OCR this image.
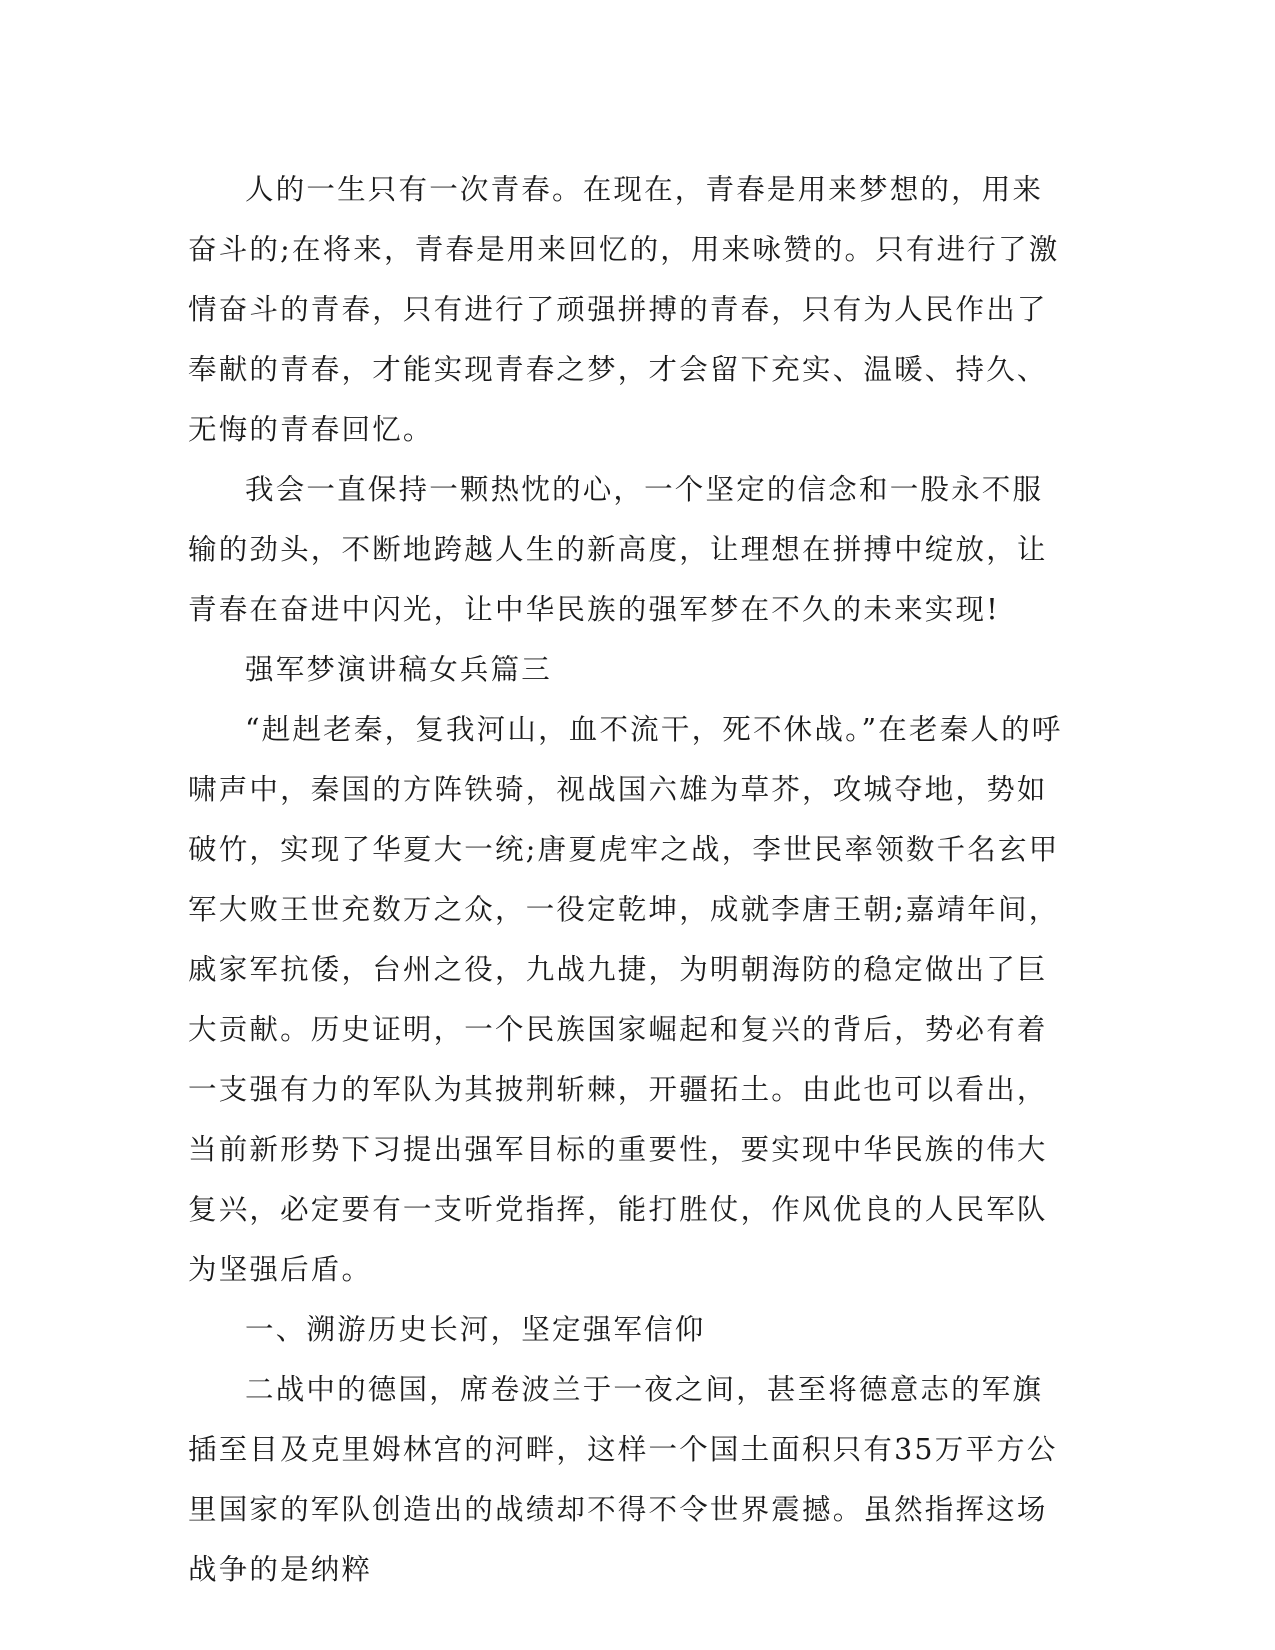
人的一生只有一次青春。在现在，青春是用来梦想的，用来奋斗的;在将来，青春是用来回忆的，用来咏赞的。只有进行了激情奋斗的青春，只有进行了顽强拼搏的青春，只有为人民作出了奉献的青春，才能实现青春之梦，才会留下充实、温暖、持久、无悔的青春回忆。

我会一直保持一颗热忱的心，一个坚定的信念和一股永不服输的劲头，不断地跨越人生的新高度，让理想在拼搏中绽放，让青春在奋进中闪光，让中华民族的强军梦在不久的未来实现!

强军梦演讲稿女兵篇三

“赳赳老秦，复我河山，血不流干，死不休战。”在老秦人的呼啸声中，秦国的方阵铁骑，视战国六雄为草芥，攻城夺地，势如破竹，实现了华夏大一统;唐夏虎牢之战，李世民率领数千名玄甲军大败王世充数万之众，一役定乾坤，成就李唐王朝;嘉靖年间，戚家军抗倭，台州之役，九战九捷，为明朝海防的稳定做出了巨大贡献。历史证明，一个民族国家崛起和复兴的背后，势必有着一支强有力的军队为其披荆斩棘，开疆拓土。由此也可以看出，当前新形势下习提出强军目标的重要性，要实现中华民族的伟大复兴，必定要有一支听党指挥，能打胜仗，作风优良的人民军队为坚强后盾。

一、溯游历史长河，坚定强军信仰

二战中的德国，席卷波兰于一夜之间，甚至将德意志的军旗插至目及克里姆林宫的河畔，这样一个国土面积只有35万平方公里国家的军队创造出的战绩却不得不令世界震撼。虽然指挥这场战争的是纳粹
